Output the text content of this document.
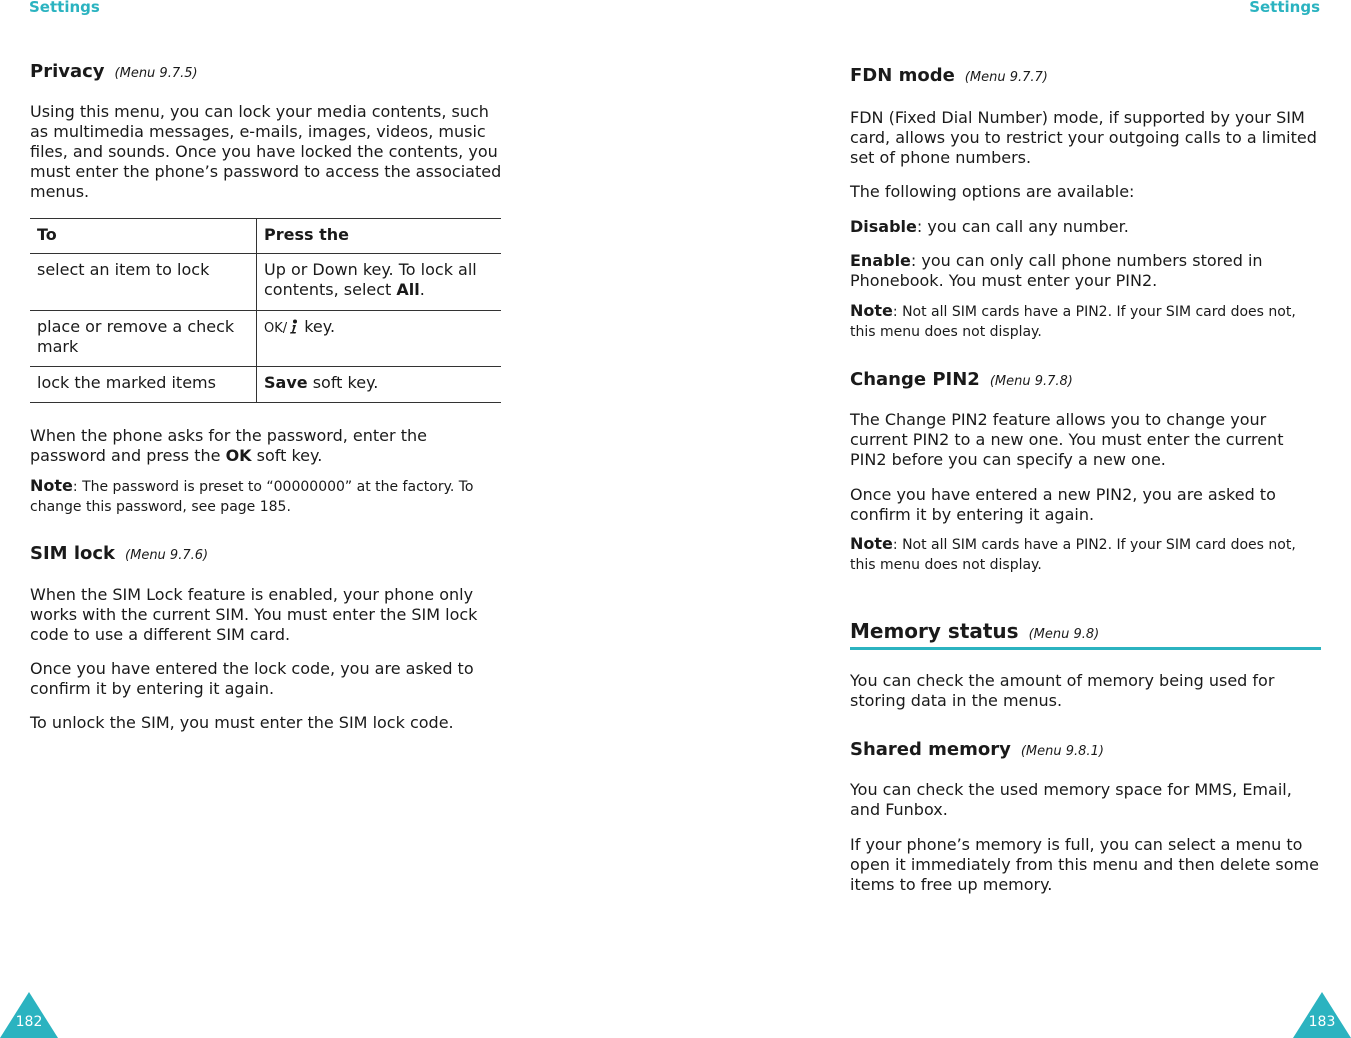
Settings	Settings
Privacy (Menu 9.7.5)

Using this menu, you can lock your media contents, such as multimedia messages, e-mails, images, videos, music files, and sounds. Once you have locked the contents, you must enter the phone’s password to access the associated menus.

To	Press the
select an item to lock	Up or Down key. To lock all contents, select All.
place or remove a check mark	OK/ key.
lock the marked items	Save soft key.

When the phone asks for the password, enter the password and press the OK soft key.

Note: The password is preset to “00000000” at the factory. To change this password, see page 185.
SIM lock (Menu 9.7.6)

When the SIM Lock feature is enabled, your phone only works with the current SIM. You must enter the SIM lock code to use a different SIM card.

Once you have entered the lock code, you are asked to confirm it by entering it again.

To unlock the SIM, you must enter the SIM lock code.

FDN mode (Menu 9.7.7)

FDN (Fixed Dial Number) mode, if supported by your SIM card, allows you to restrict your outgoing calls to a limited set of phone numbers.

The following options are available:

Disable: you can call any number.

Enable: you can only call phone numbers stored in Phonebook. You must enter your PIN2.

Note: Not all SIM cards have a PIN2. If your SIM card does not, this menu does not display.
Change PIN2 (Menu 9.7.8)

The Change PIN2 feature allows you to change your current PIN2 to a new one. You must enter the current PIN2 before you can specify a new one.

Once you have entered a new PIN2, you are asked to confirm it by entering it again.

Note: Not all SIM cards have a PIN2. If your SIM card does not, this menu does not display.
Memory status (Menu 9.8)

You can check the amount of memory being used for storing data in the menus.

Shared memory (Menu 9.8.1)

You can check the used memory space for MMS, Email, and Funbox.

If your phone’s memory is full, you can select a menu to open it immediately from this menu and then delete some items to free up memory.

182	183
